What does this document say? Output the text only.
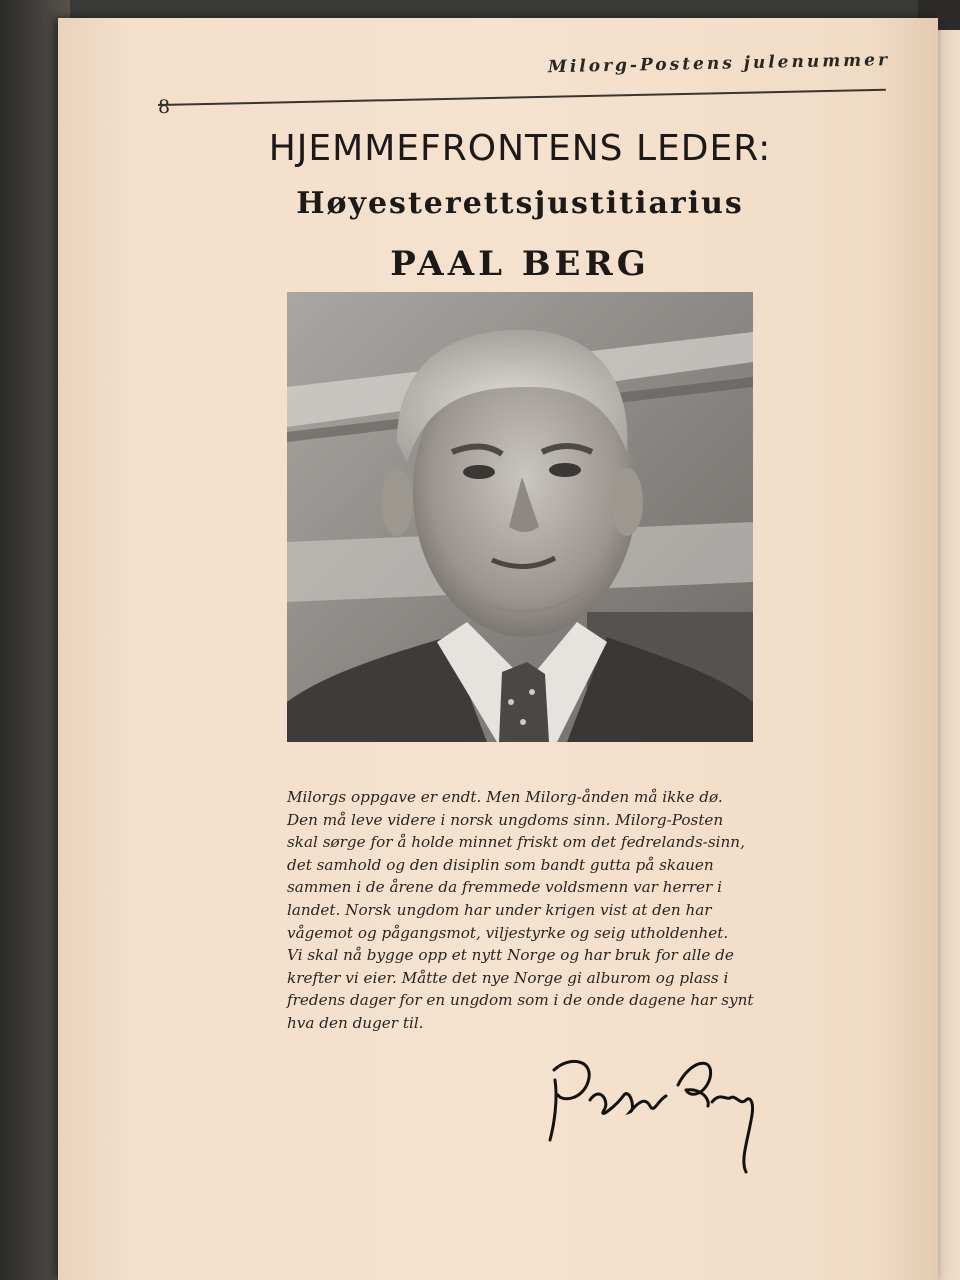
Milorg-Postens julenummer
8
HJEMMEFRONTENS LEDER:
Høyesterettsjustitiarius
PAAL BERG

Milorgs oppgave er endt. Men Milorg-ånden må ikke dø. Den må leve videre i norsk ungdoms sinn. Milorg-Posten skal sørge for å holde minnet friskt om det fedrelands-sinn, det samhold og den disiplin som bandt gutta på skauen sammen i de årene da fremmede voldsmenn var herrer i landet. Norsk ungdom har under krigen vist at den har vågemot og pågangsmot, viljestyrke og seig utholdenhet.

Vi skal nå bygge opp et nytt Norge og har bruk for alle de krefter vi eier. Måtte det nye Norge gi alburom og plass i fredens dager for en ungdom som i de onde dagene har synt hva den duger til.
